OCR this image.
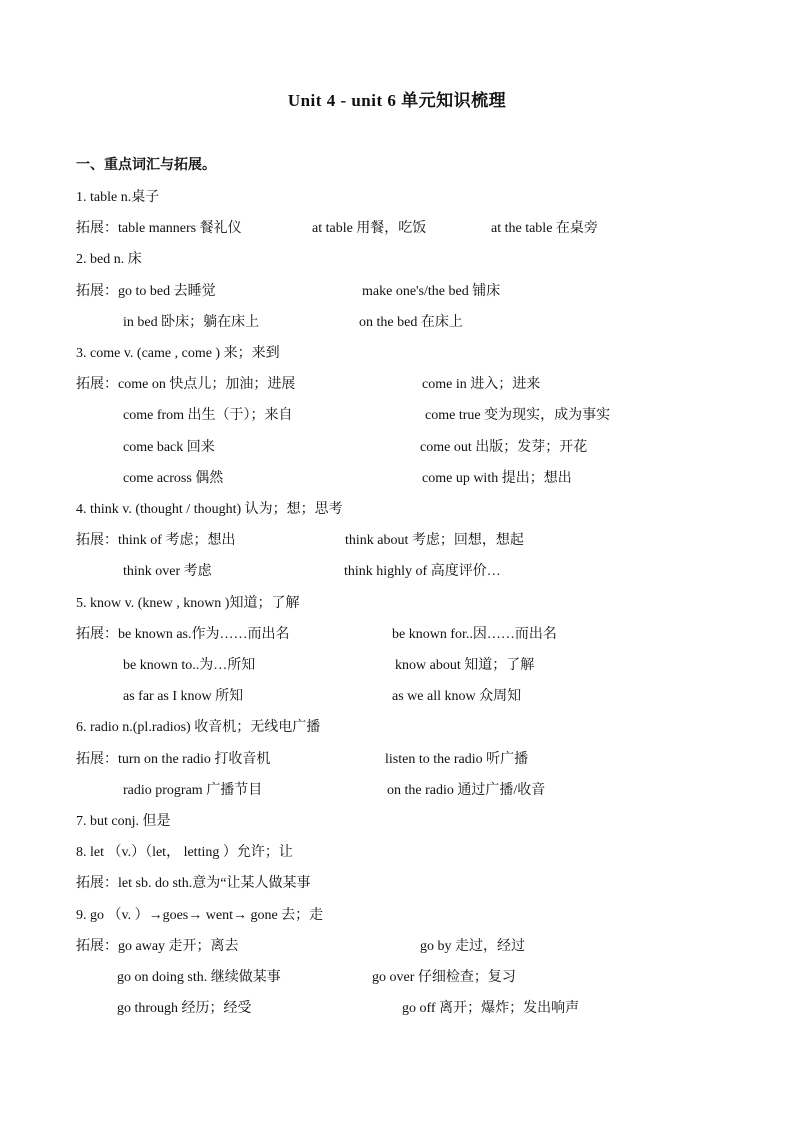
Unit 4 - unit 6 单元知识梳理
一、重点词汇与拓展。
1. table n.桌子
拓展：table manners 餐礼仪	at table 用餐，吃饭	at the table 在桌旁
2. bed n. 床
拓展：go to bed 去睡觉	make one's/the bed 铺床
in bed 卧床；躺在床上	on the bed 在床上
3. come v. (came , come ) 来；来到
拓展：come on 快点儿；加油；进展	come in 进入；进来
come from 出生（于）；来自	come true 变为现实，成为事实
come back 回来	come out 出版；发芽；开花
come across 偶然	come up with 提出；想出
4. think v. (thought / thought) 认为；想；思考
拓展：think of 考虑；想出	think about 考虑；回想，想起
think over 考虑	think highly of 高度评价…
5. know v. (knew , known )知道；了解
拓展：be known as.作为……而出名	be known for..因……而出名
be known to..为…所知	know about 知道；了解
as far as I know 所知	as we all know 众周知
6. radio n.(pl.radios) 收音机；无线电广播
拓展：turn on the radio 打收音机	listen to the radio 听广播
radio program 广播节目	on the radio 通过广播/收音
7. but conj. 但是
8. let （v.）（let， letting ）允许；让
拓展：let sb. do sth.意为“让某人做某事
9. go （v. ）→goes→ went→ gone 去；走
拓展：go away 走开；离去	go by 走过，经过
go on doing sth. 继续做某事	go over 仔细检查；复习
go through 经历；经受	go off 离开；爆炸；发出响声
